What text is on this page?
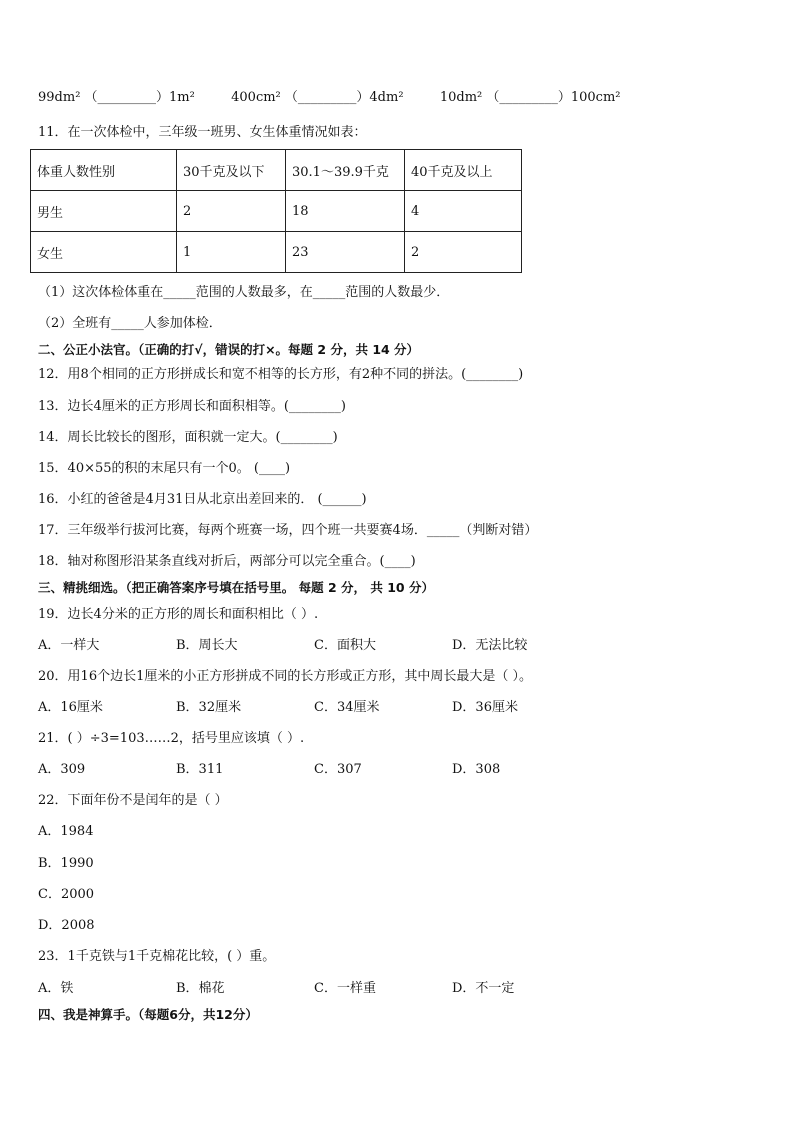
99dm² （_________）1m²	400cm² （_________）4dm²	10dm² （_________）100cm²
11．在一次体检中，三年级一班男、女生体重情况如表：
体重人数性别	30千克及以下	30.1～39.9千克	40千克及以上
男生	2	18	4
女生	1	23	2
（1）这次体检体重在_____范围的人数最多，在_____范围的人数最少．
（2）全班有_____人参加体检．
二、公正小法官。（正确的打√，错误的打×。每题 2 分，共 14 分）
12．用8个相同的正方形拼成长和宽不相等的长方形，有2种不同的拼法。(________)
13．边长4厘米的正方形周长和面积相等。(________)
14．周长比较长的图形，面积就一定大。(________)
15．40×55的积的末尾只有一个0。 (____)
16．小红的爸爸是4月31日从北京出差回来的． (______)
17．三年级举行拔河比赛，每两个班赛一场，四个班一共要赛4场．_____（判断对错）
18．轴对称图形沿某条直线对折后，两部分可以完全重合。(____)
三、精挑细选。（把正确答案序号填在括号里。 每题 2 分， 共 10 分）
19．边长4分米的正方形的周长和面积相比（ ）.
A．一样大	B．周长大	C．面积大	D．无法比较
20．用16个边长1厘米的小正方形拼成不同的长方形或正方形，其中周长最大是（ ）。
A．16厘米	B．32厘米	C．34厘米	D．36厘米
21．( ）÷3=103……2，括号里应该填（ ）.
A．309	B．311	C．307	D．308
22．下面年份不是闰年的是（ ）
A．1984
B．1990
C．2000
D．2008
23．1千克铁与1千克棉花比较，( ）重。
A．铁	B．棉花	C．一样重	D．不一定
四、我是神算手。（每题6分，共12分）
